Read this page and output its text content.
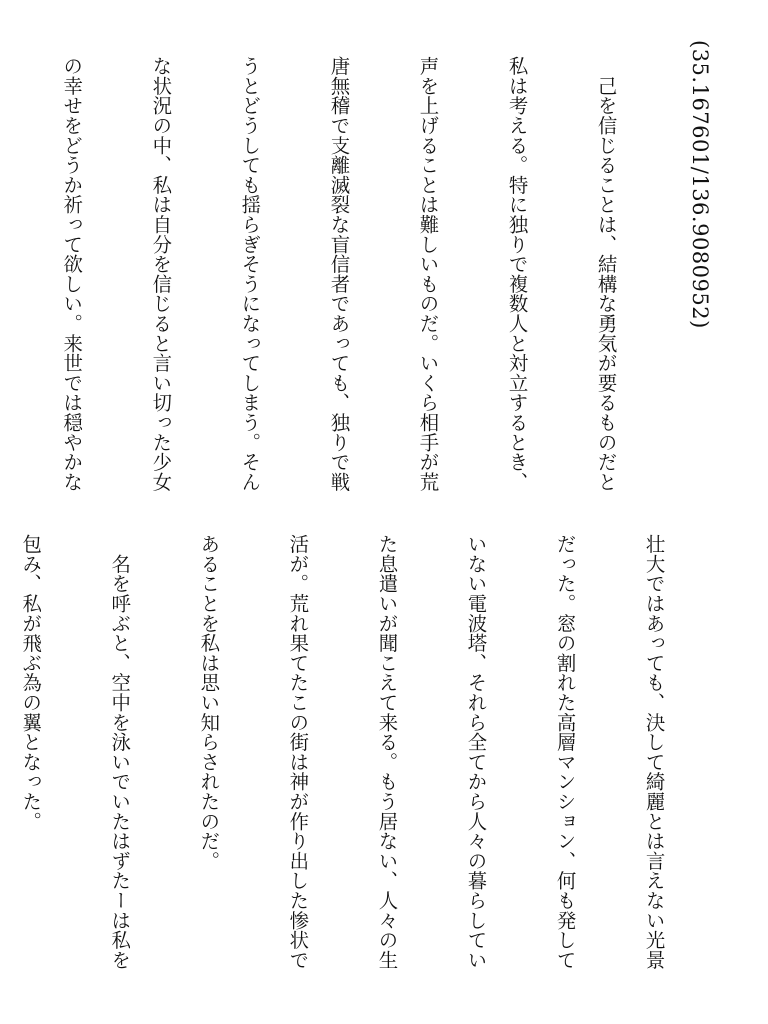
(35.167601/136.9080952)

　己を信じることは、結構な勇気が要るものだと

私は考える。特に独りで複数人と対立するとき、

声を上げることは難しいものだ。いくら相手が荒

唐無稽で支離滅裂な盲信者であっても、独りで戦

うとどうしても揺らぎそうになってしまう。そん

な状況の中、私は自分を信じると言い切った少女

の幸せをどうか祈って欲しい。来世では穏やかな

壮大ではあっても、決して綺麗とは言えない光景

だった。窓の割れた高層マンション、何も発して

いない電波塔、それら全てから人々の暮らしてい

た息遣いが聞こえて来る。もう居ない、人々の生

活が。荒れ果てたこの街は神が作り出した惨状で

あることを私は思い知らされたのだ。

　名を呼ぶと、空中を泳いでいたはずたーは私を

包み、私が飛ぶ為の翼となった。
